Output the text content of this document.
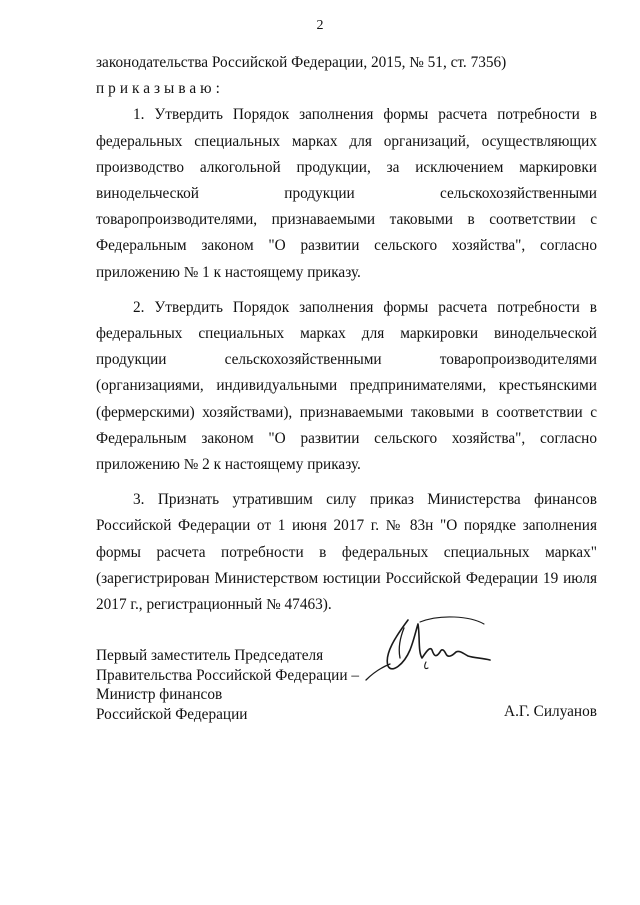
2

законодательства Российской Федерации, 2015, № 51, ст. 7356)

приказываю:

1. Утвердить Порядок заполнения формы расчета потребности в федеральных специальных марках для организаций, осуществляющих производство алкогольной продукции, за исключением маркировки винодельческой продукции сельскохозяйственными товаропроизводителями, признаваемыми таковыми в соответствии с Федеральным законом "О развитии сельского хозяйства", согласно приложению № 1 к настоящему приказу.

2. Утвердить Порядок заполнения формы расчета потребности в федеральных специальных марках для маркировки винодельческой продукции сельскохозяйственными товаропроизводителями (организациями, индивидуальными предпринимателями, крестьянскими (фермерскими) хозяйствами), признаваемыми таковыми в соответствии с Федеральным законом "О развитии сельского хозяйства", согласно приложению № 2 к настоящему приказу.

3. Признать утратившим силу приказ Министерства финансов Российской Федерации от 1 июня 2017 г. № 83н "О порядке заполнения формы расчета потребности в федеральных специальных марках" (зарегистрирован Министерством юстиции Российской Федерации 19 июля 2017 г., регистрационный № 47463).

Первый заместитель Председателя
Правительства Российской Федерации –
Министр финансов
Российской Федерации	А.Г. Силуанов
